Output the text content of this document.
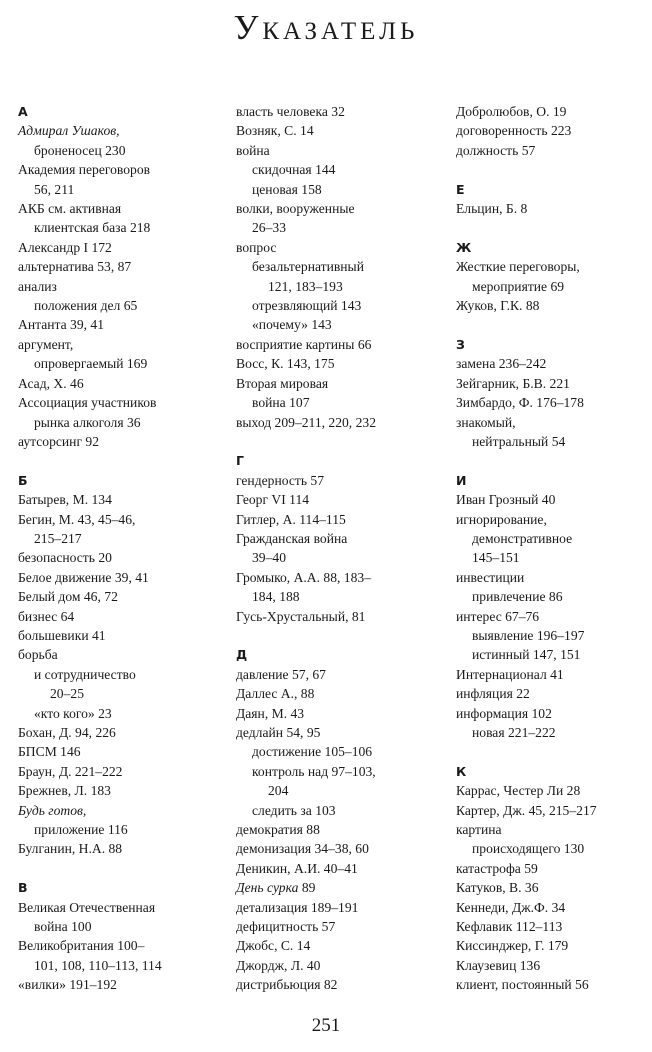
Указатель
А
Адмирал Ушаков,
броненосец 230
Академия переговоров
56, 211
АКБ см. активная
клиентская база 218
Александр I 172
альтернатива 53, 87
анализ
положения дел 65
Антанта 39, 41
аргумент,
опровергаемый 169
Асад, Х. 46
Ассоциация участников
рынка алкоголя 36
аутсорсинг 92
Б
Батырев, М. 134
Бегин, М. 43, 45–46,
215–217
безопасность 20
Белое движение 39, 41
Белый дом 46, 72
бизнес 64
большевики 41
борьба
и сотрудничество
20–25
«кто кого» 23
Бохан, Д. 94, 226
БПСМ 146
Браун, Д. 221–222
Брежнев, Л. 183
Будь готов,
приложение 116
Булганин, Н.А. 88
В
Великая Отечественная
война 100
Великобритания 100–
101, 108, 110–113, 114
«вилки» 191–192
власть человека 32
Возняк, С. 14
война
скидочная 144
ценовая 158
волки, вооруженные
26–33
вопрос
безальтернативный
121, 183–193
отрезвляющий 143
«почему» 143
восприятие картины 66
Восс, К. 143, 175
Вторая мировая
война 107
выход 209–211, 220, 232
Г
гендерность 57
Георг VI 114
Гитлер, А. 114–115
Гражданская война
39–40
Громыко, А.А. 88, 183–
184, 188
Гусь-Хрустальный, 81
Д
давление 57, 67
Даллес А., 88
Даян, М. 43
дедлайн 54, 95
достижение 105–106
контроль над 97–103,
204
следить за 103
демократия 88
демонизация 34–38, 60
Деникин, А.И. 40–41
День сурка 89
детализация 189–191
дефицитность 57
Джобс, С. 14
Джордж, Л. 40
дистрибьюция 82
Добролюбов, О. 19
договоренность 223
должность 57
Е
Ельцин, Б. 8
Ж
Жесткие переговоры,
мероприятие 69
Жуков, Г.К. 88
З
замена 236–242
Зейгарник, Б.В. 221
Зимбардо, Ф. 176–178
знакомый,
нейтральный 54
И
Иван Грозный 40
игнорирование,
демонстративное
145–151
инвестиции
привлечение 86
интерес 67–76
выявление 196–197
истинный 147, 151
Интернационал 41
инфляция 22
информация 102
новая 221–222
К
Каррас, Честер Ли 28
Картер, Дж. 45, 215–217
картина
происходящего 130
катастрофа 59
Катуков, В. 36
Кеннеди, Дж.Ф. 34
Кефлавик 112–113
Киссинджер, Г. 179
Клаузевиц 136
клиент, постоянный 56
251
